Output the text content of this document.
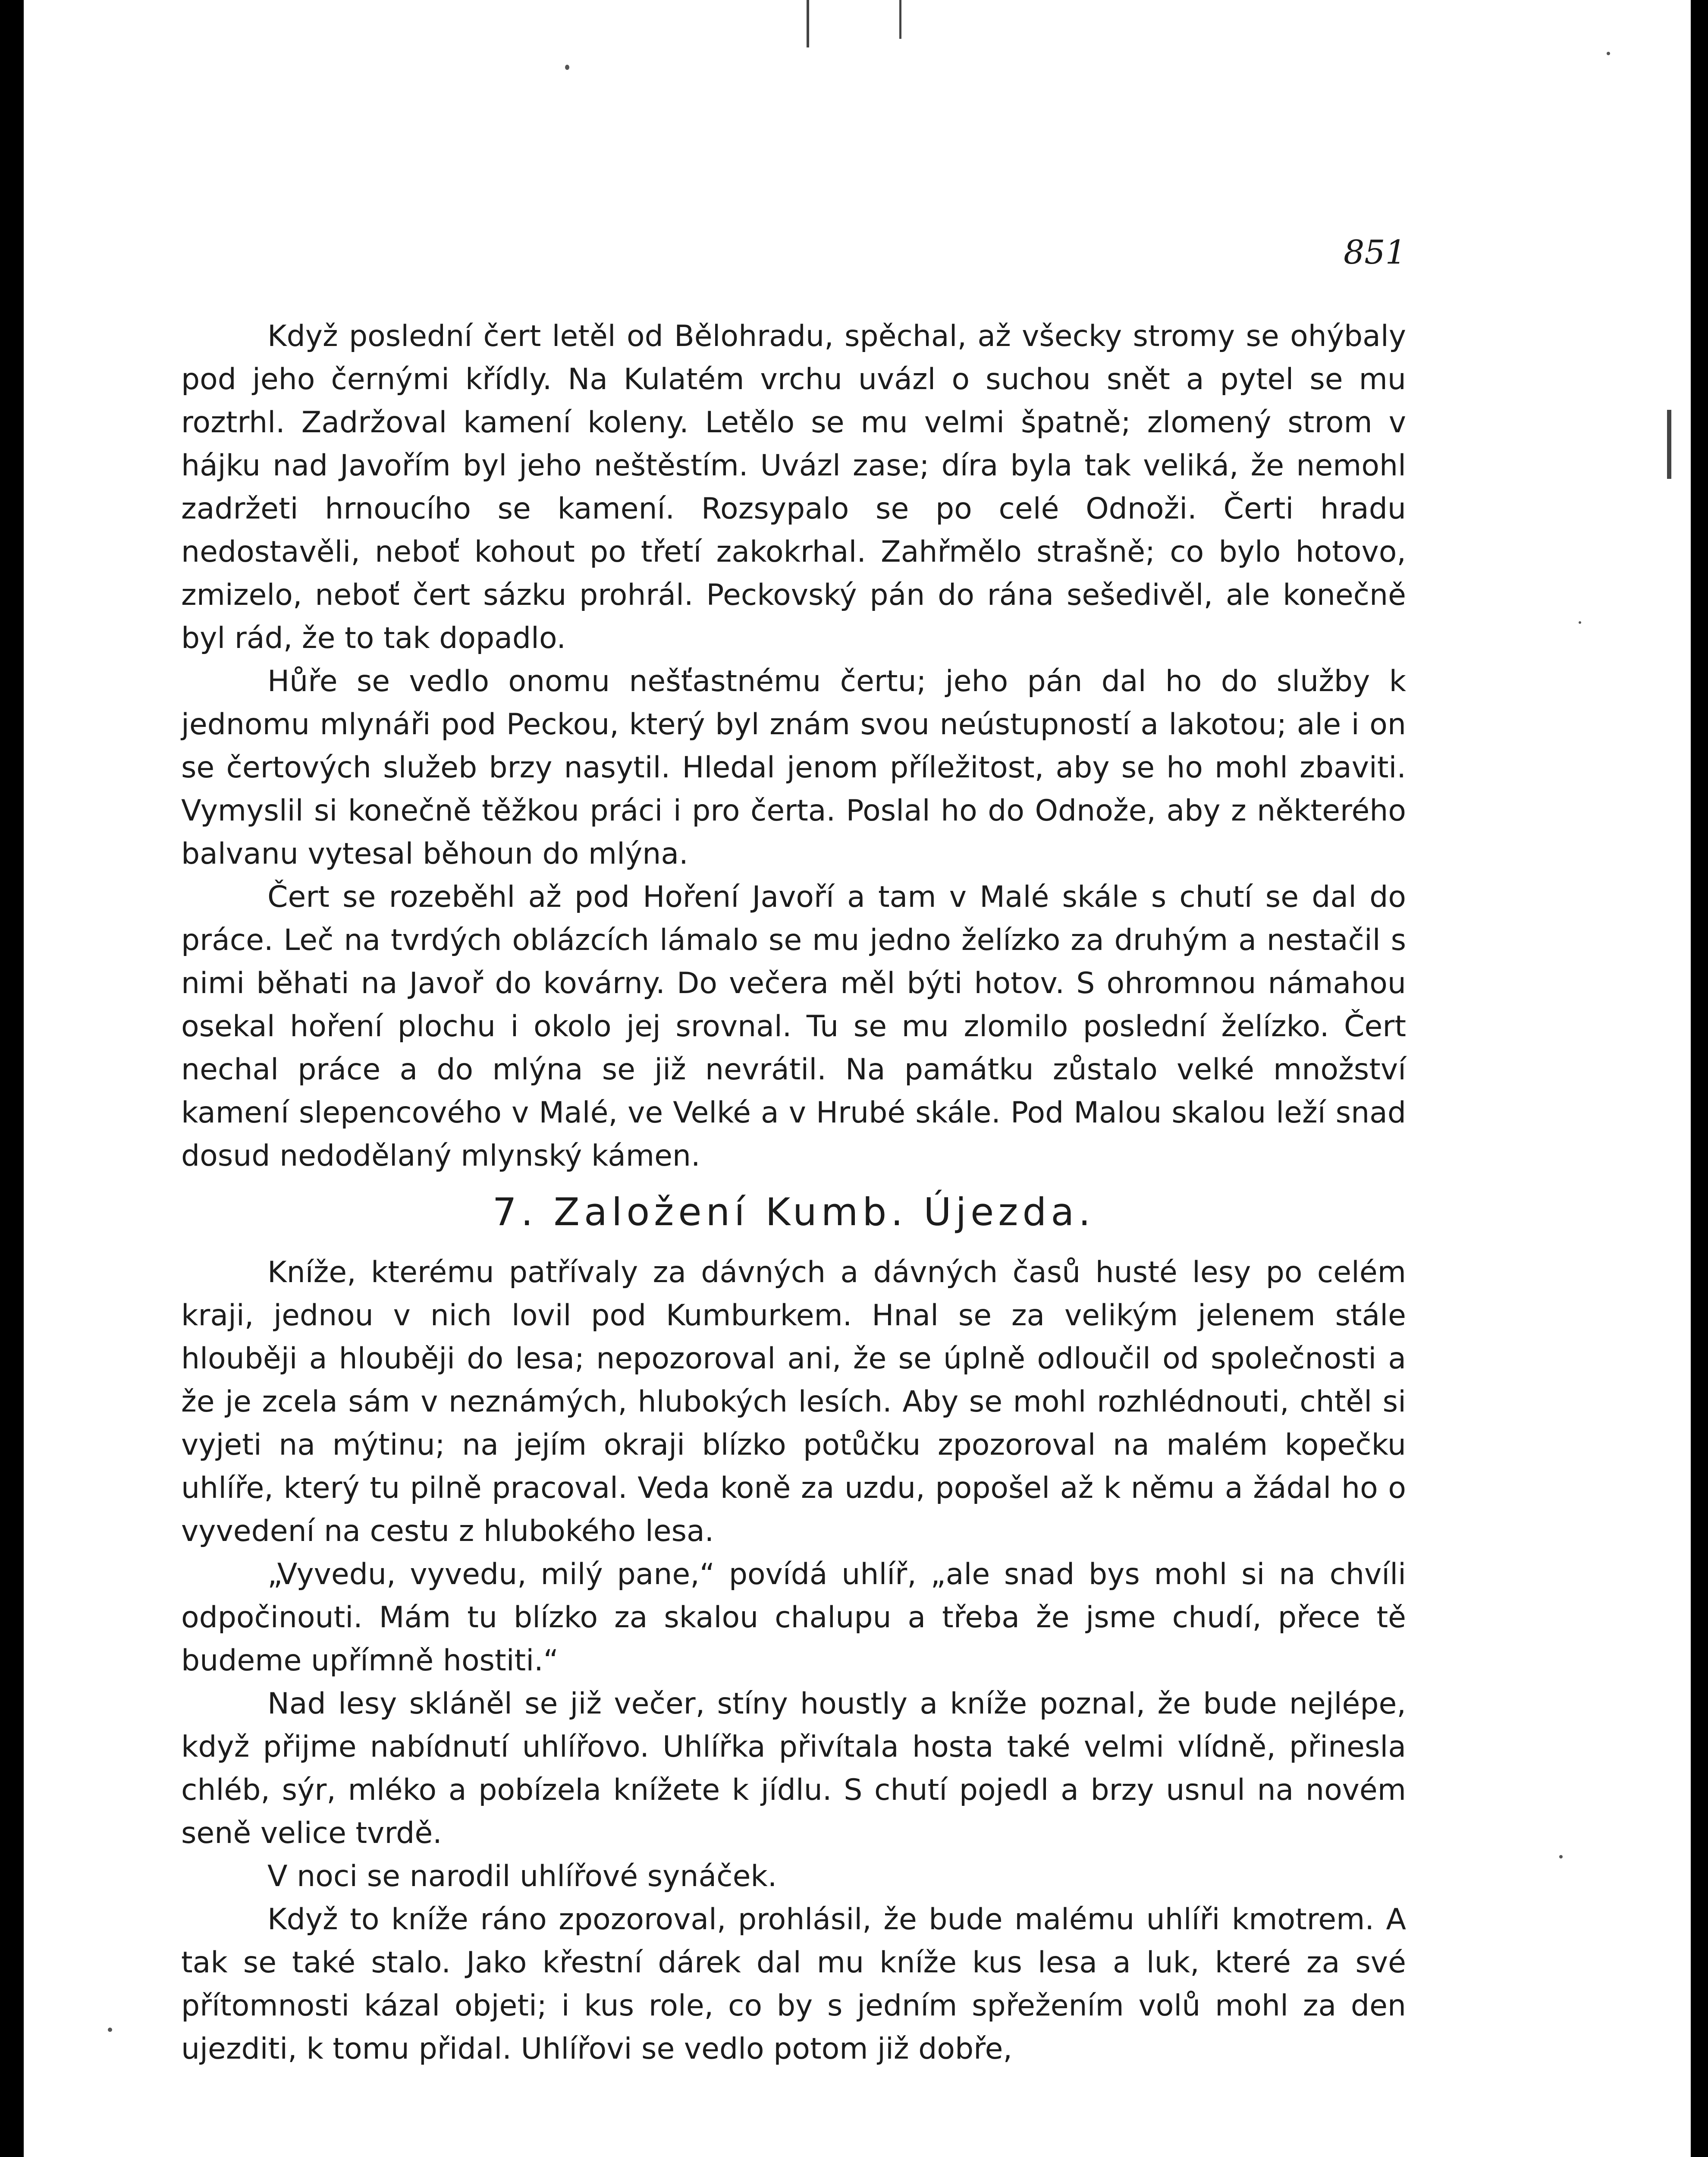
851

Když poslední čert letěl od Bělohradu, spěchal, až všecky stromy se ohýbaly pod jeho černými křídly. Na Kulatém vrchu uvázl o suchou snět a pytel se mu roztrhl. Zadržoval kamení koleny. Letělo se mu velmi špatně; zlomený strom v hájku nad Javořím byl jeho neštěstím. Uvázl zase; díra byla tak veliká, že nemohl zadržeti hrnoucího se kamení. Rozsypalo se po celé Odnoži. Čerti hradu nedostavěli, neboť kohout po třetí zakokrhal. Zahřmělo strašně; co bylo hotovo, zmizelo, neboť čert sázku prohrál. Peckovský pán do rána sešedivěl, ale konečně byl rád, že to tak dopadlo.

Hůře se vedlo onomu nešťastnému čertu; jeho pán dal ho do služby k jednomu mlynáři pod Peckou, který byl znám svou neústupností a lakotou; ale i on se čertových služeb brzy nasytil. Hledal jenom příležitost, aby se ho mohl zbaviti. Vymyslil si konečně těžkou práci i pro čerta. Poslal ho do Odnože, aby z některého balvanu vytesal běhoun do mlýna.

Čert se rozeběhl až pod Hoření Javoří a tam v Malé skále s chutí se dal do práce. Leč na tvrdých oblázcích lámalo se mu jedno želízko za druhým a nestačil s nimi běhati na Javoř do kovárny. Do večera měl býti hotov. S ohromnou námahou osekal hoření plochu i okolo jej srovnal. Tu se mu zlomilo poslední želízko. Čert nechal práce a do mlýna se již nevrátil. Na památku zůstalo velké množství kamení slepencového v Malé, ve Velké a v Hrubé skále. Pod Malou skalou leží snad dosud nedodělaný mlynský kámen.

7. Založení Kumb. Újezda.

Kníže, kterému patřívaly za dávných a dávných časů husté lesy po celém kraji, jednou v nich lovil pod Kumburkem. Hnal se za velikým jelenem stále hlouběji a hlouběji do lesa; nepozoroval ani, že se úplně odloučil od společnosti a že je zcela sám v neznámých, hlubokých lesích. Aby se mohl rozhlédnouti, chtěl si vyjeti na mýtinu; na jejím okraji blízko potůčku zpozoroval na malém kopečku uhlíře, který tu pilně pracoval. Veda koně za uzdu, popošel až k němu a žádal ho o vyvedení na cestu z hlubokého lesa.

„Vyvedu, vyvedu, milý pane,“ povídá uhlíř, „ale snad bys mohl si na chvíli odpočinouti. Mám tu blízko za skalou chalupu a třeba že jsme chudí, přece tě budeme upřímně hostiti.“

Nad lesy skláněl se již večer, stíny houstly a kníže poznal, že bude nejlépe, když přijme nabídnutí uhlířovo. Uhlířka přivítala hosta také velmi vlídně, přinesla chléb, sýr, mléko a pobízela knížete k jídlu. S chutí pojedl a brzy usnul na novém seně velice tvrdě.

V noci se narodil uhlířové synáček.

Když to kníže ráno zpozoroval, prohlásil, že bude malému uhlíři kmotrem. A tak se také stalo. Jako křestní dárek dal mu kníže kus lesa a luk, které za své přítomnosti kázal objeti; i kus role, co by s jedním spřežením volů mohl za den ujezditi, k tomu přidal. Uhlířovi se vedlo potom již dobře,
